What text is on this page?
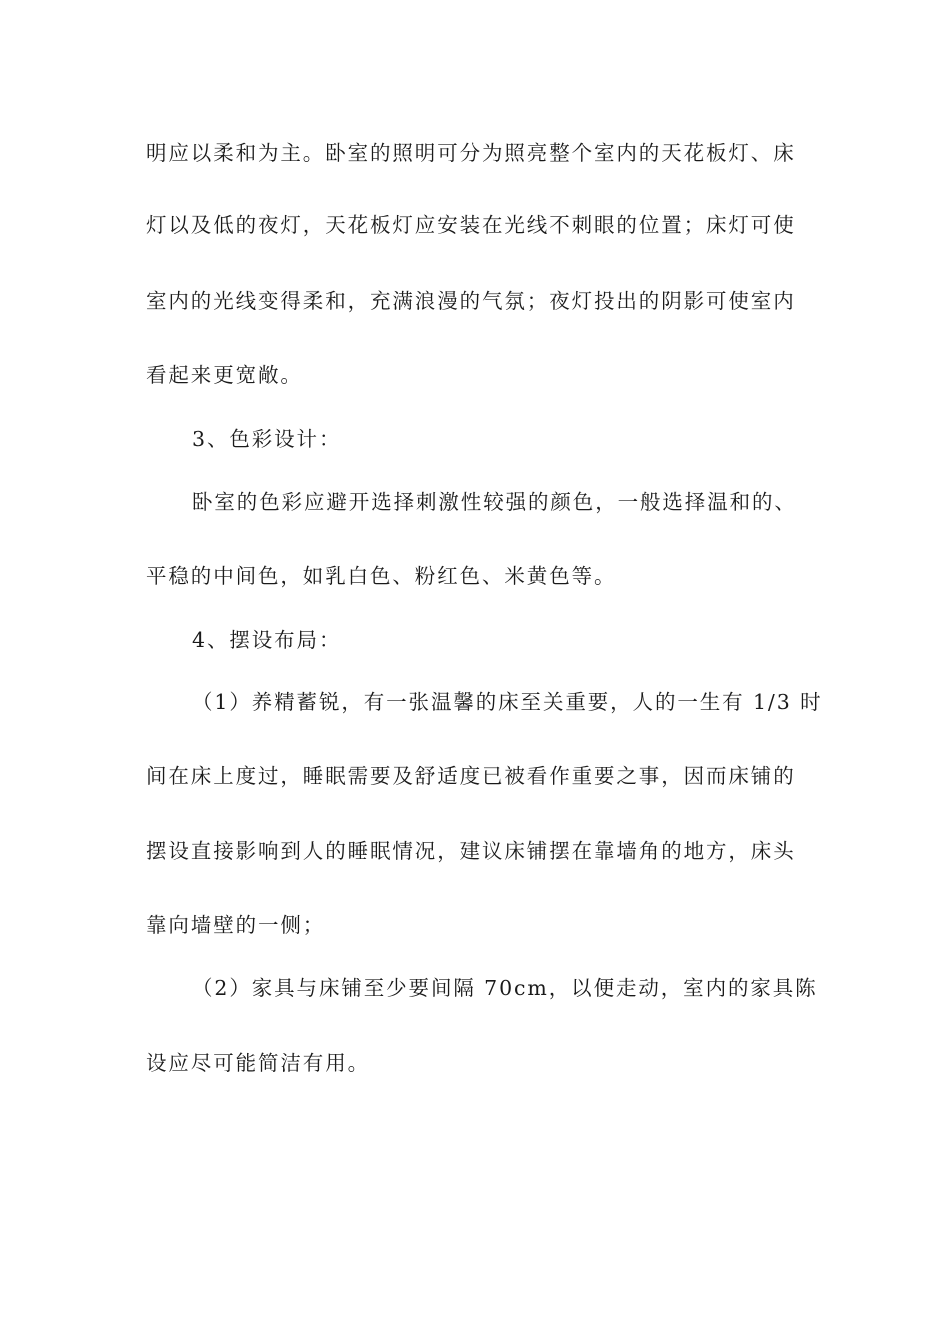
明应以柔和为主。卧室的照明可分为照亮整个室内的天花板灯、床
灯以及低的夜灯，天花板灯应安装在光线不刺眼的位置；床灯可使
室内的光线变得柔和，充满浪漫的气氛；夜灯投出的阴影可使室内
看起来更宽敞。
3、色彩设计：
卧室的色彩应避开选择刺激性较强的颜色，一般选择温和的、
平稳的中间色，如乳白色、粉红色、米黄色等。
4、摆设布局：
（1）养精蓄锐，有一张温馨的床至关重要，人的一生有 1/3 时
间在床上度过，睡眠需要及舒适度已被看作重要之事，因而床铺的
摆设直接影响到人的睡眠情况，建议床铺摆在靠墙角的地方，床头
靠向墙壁的一侧；
（2）家具与床铺至少要间隔 70cm，以便走动，室内的家具陈
设应尽可能简洁有用。
